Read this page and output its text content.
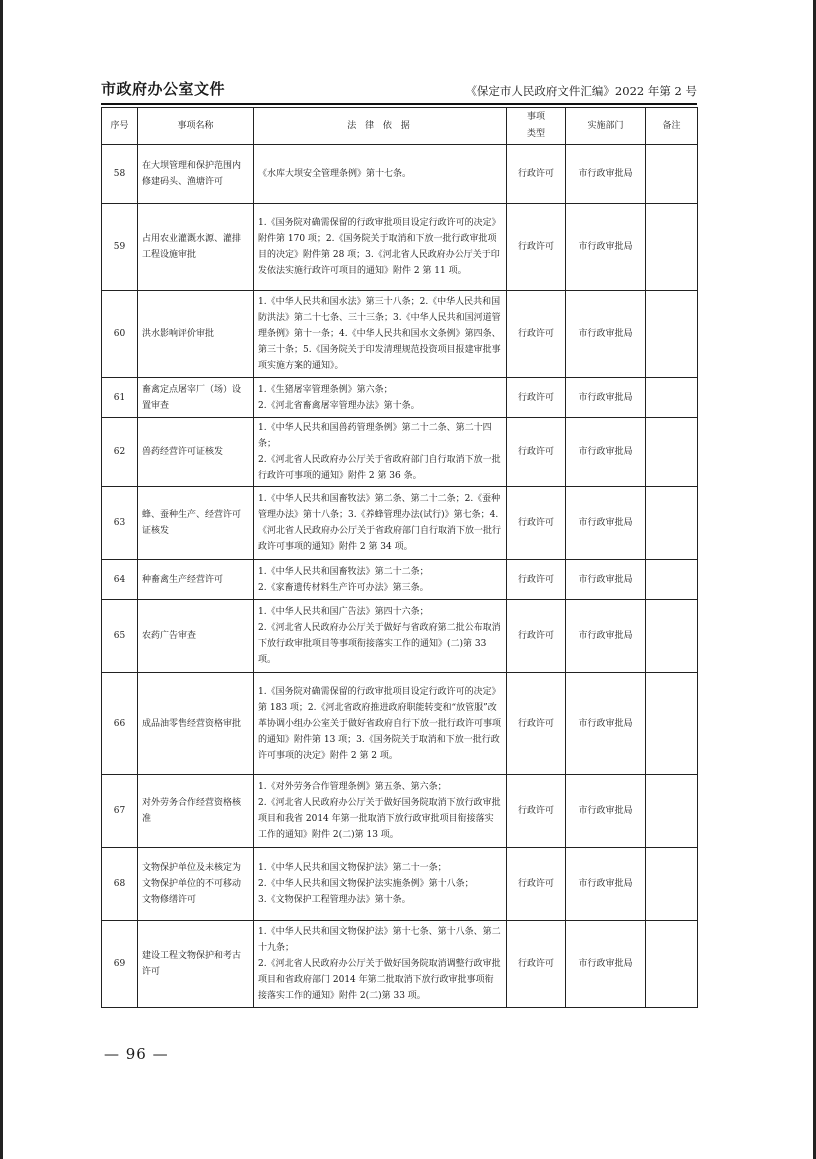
市政府办公室文件	《保定市人民政府文件汇编》2022 年第 2 号
序号	事项名称	法 律 依 据	事项
类型	实施部门	备注
58	在大坝管理和保护范围内修建码头、渔塘许可	《水库大坝安全管理条例》第十七条。	行政许可	市行政审批局	
59	占用农业灌溉水源、灌排工程设施审批	1.《国务院对确需保留的行政审批项目设定行政许可的决定》附件第 170 项；2.《国务院关于取消和下放一批行政审批项目的决定》附件第 28 项；3.《河北省人民政府办公厅关于印发依法实施行政许可项目的通知》附件 2 第 11 项。	行政许可	市行政审批局	
60	洪水影响评价审批	1.《中华人民共和国水法》第三十八条；2.《中华人民共和国防洪法》第二十七条、三十三条；3.《中华人民共和国河道管理条例》第十一条；4.《中华人民共和国水文条例》第四条、第三十条；5.《国务院关于印发清理规范投资项目报建审批事项实施方案的通知》。	行政许可	市行政审批局	
61	畜禽定点屠宰厂（场）设置审查	1.《生猪屠宰管理条例》第六条；
2.《河北省畜禽屠宰管理办法》第十条。	行政许可	市行政审批局	
62	兽药经营许可证核发	1.《中华人民共和国兽药管理条例》第二十二条、第二十四条；
2.《河北省人民政府办公厅关于省政府部门自行取消下放一批行政许可事项的通知》附件 2 第 36 条。	行政许可	市行政审批局	
63	蜂、蚕种生产、经营许可证核发	1.《中华人民共和国畜牧法》第二条、第二十二条；2.《蚕种管理办法》第十八条；3.《养蜂管理办法(试行)》第七条；4.《河北省人民政府办公厅关于省政府部门自行取消下放一批行政许可事项的通知》附件 2 第 34 项。	行政许可	市行政审批局	
64	种畜禽生产经营许可	1.《中华人民共和国畜牧法》第二十二条；
2.《家畜遗传材料生产许可办法》第三条。	行政许可	市行政审批局	
65	农药广告审查	1.《中华人民共和国广告法》第四十六条；
2.《河北省人民政府办公厅关于做好与省政府第二批公布取消下放行政审批项目等事项衔接落实工作的通知》(二)第 33 项。	行政许可	市行政审批局	
66	成品油零售经营资格审批	1.《国务院对确需保留的行政审批项目设定行政许可的决定》第 183 项；2.《河北省政府推进政府职能转变和“放管服”改革协调小组办公室关于做好省政府自行下放一批行政许可事项的通知》附件第 13 项；3.《国务院关于取消和下放一批行政许可事项的决定》附件 2 第 2 项。	行政许可	市行政审批局	
67	对外劳务合作经营资格核准	1.《对外劳务合作管理条例》第五条、第六条；
2.《河北省人民政府办公厅关于做好国务院取消下放行政审批项目和我省 2014 年第一批取消下放行政审批项目衔接落实工作的通知》附件 2(二)第 13 项。	行政许可	市行政审批局	
68	文物保护单位及未核定为文物保护单位的不可移动文物修缮许可	1.《中华人民共和国文物保护法》第二十一条；
2.《中华人民共和国文物保护法实施条例》第十八条；
3.《文物保护工程管理办法》第十条。	行政许可	市行政审批局	
69	建设工程文物保护和考古许可	1.《中华人民共和国文物保护法》第十七条、第十八条、第二十九条；
2.《河北省人民政府办公厅关于做好国务院取消调整行政审批项目和省政府部门 2014 年第二批取消下放行政审批事项衔接落实工作的通知》附件 2(二)第 33 项。	行政许可	市行政审批局	
— 96 —
